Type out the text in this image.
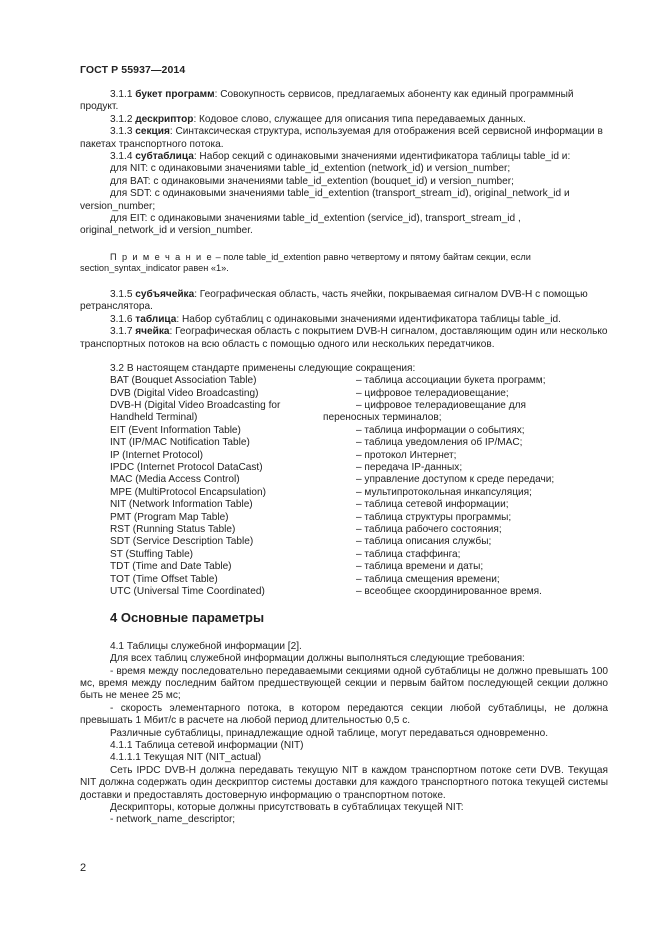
ГОСТ Р 55937—2014

3.1.1 букет программ: Совокупность сервисов, предлагаемых абоненту как единый программный продукт.

3.1.2 дескриптор: Кодовое слово, служащее для описания типа передаваемых данных.

3.1.3 секция: Синтаксическая структура, используемая для отображения всей сервисной информации в пакетах транспортного потока.

3.1.4 субтаблица: Набор секций с одинаковыми значениями идентификатора таблицы table_id и:

для NIT: с одинаковыми значениями table_id_extention (network_id) и version_number;

для BAT: с одинаковыми значениями table_id_extention (bouquet_id) и version_number;

для SDT: с одинаковыми значениями table_id_extention (transport_stream_id), original_network_id и version_number;

для EIT: с одинаковыми значениями table_id_extention (service_id), transport_stream_id , original_network_id и version_number.

П р и м е ч а н и е – поле table_id_extention равно четвертому и пятому байтам секции, если section_syntax_indicator равен «1».

3.1.5 субъячейка: Географическая область, часть ячейки, покрываемая сигналом DVB-H с помощью ретранслятора.

3.1.6 таблица: Набор субтаблиц с одинаковыми значениями идентификатора таблицы table_id.

3.1.7 ячейка: Географическая область с покрытием DVB-H сигналом, доставляющим один или несколько транспортных потоков на всю область с помощью одного или нескольких передатчиков.

3.2 В настоящем стандарте применены следующие сокращения:

BAT (Bouquet Association Table)	– таблица ассоциации букета программ;
DVB (Digital Video Broadcasting)	– цифровое телерадиовещание;
DVB-H (Digital Video Broadcasting for	– цифровое телерадиовещание для
Handheld Terminal)	переносных терминалов;
EIT (Event Information Table)	– таблица информации о событиях;
INT (IP/MAC Notification Table)	– таблица уведомления об IP/MAC;
IP (Internet Protocol)	– протокол Интернет;
IPDC (Internet Protocol DataCast)	– передача IP-данных;
MAC (Media Access Control)	– управление доступом к среде передачи;
MPE (MultiProtocol Encapsulation)	– мультипротокольная инкапсуляция;
NIT (Network Information Table)	– таблица сетевой информации;
PMT (Program Map Table)	– таблица структуры программы;
RST (Running Status Table)	– таблица рабочего состояния;
SDT (Service Description Table)	– таблица описания службы;
ST (Stuffing Table)	– таблица стаффинга;
TDT (Time and Date Table)	– таблица времени и даты;
TOT (Time Offset Table)	– таблица смещения времени;
UTC (Universal Time Coordinated)	– всеобщее скоординированное время.
4 Основные параметры

4.1 Таблицы служебной информации [2].

Для всех таблиц служебной информации должны выполняться следующие требования:

- время между последовательно передаваемыми секциями одной субтаблицы не должно превышать 100 мс, время между последним байтом предшествующей секции и первым байтом последующей секции должно быть не менее 25 мс;

- скорость элементарного потока, в котором передаются секции любой субтаблицы, не должна превышать 1 Мбит/с в расчете на любой период длительностью 0,5 с.

Различные субтаблицы, принадлежащие одной таблице, могут передаваться одновременно.

4.1.1 Таблица сетевой информации (NIT)

4.1.1.1 Текущая NIT (NIT_actual)

Сеть IPDC DVB-H должна передавать текущую NIT в каждом транспортном потоке сети DVB. Текущая NIT должна содержать один дескриптор системы доставки для каждого транспортного потока текущей системы доставки и предоставлять достоверную информацию о транспортном потоке.

Дескрипторы, которые должны присутствовать в субтаблицах текущей NIT:

- network_name_descriptor;

2
